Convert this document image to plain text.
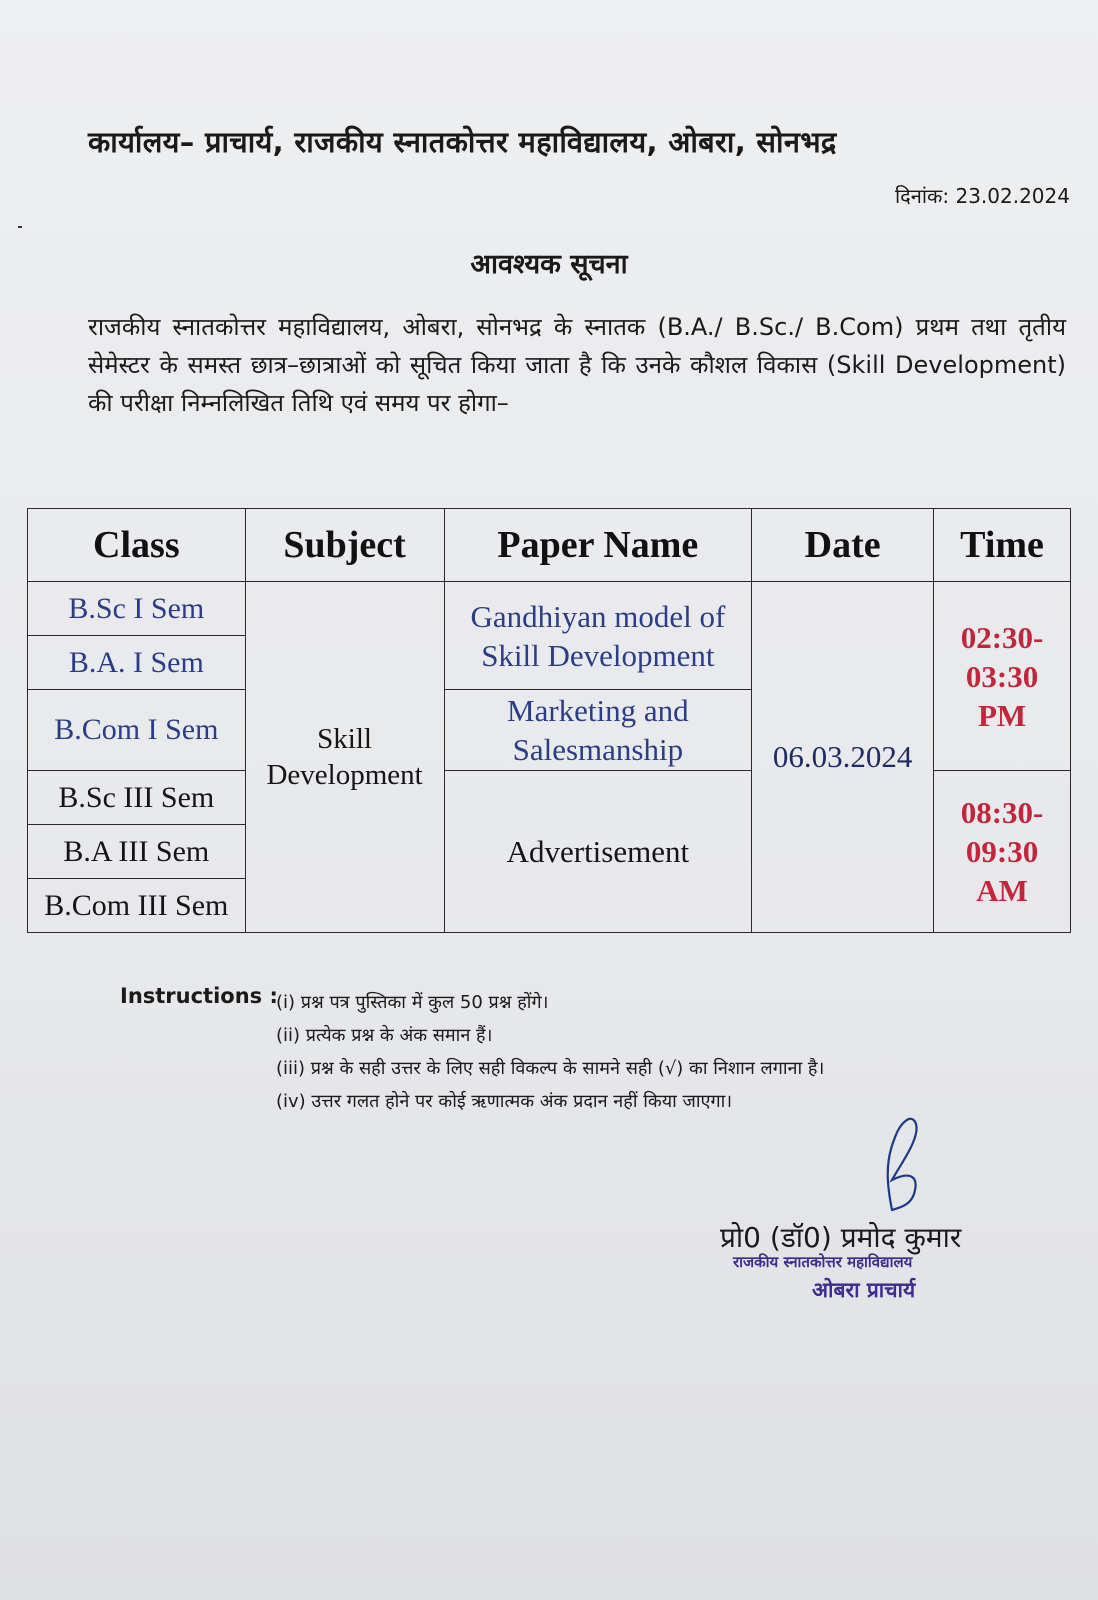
कार्यालय– प्राचार्य, राजकीय स्नातकोत्तर महाविद्यालय, ओबरा, सोनभद्र
दिनांक: 23.02.2024
आवश्यक सूचना
राजकीय स्नातकोत्तर महाविद्यालय, ओबरा, सोनभद्र के स्नातक (B.A./ B.Sc./ B.Com) प्रथम तथा तृतीय सेमेस्टर के समस्त छात्र–छात्राओं को सूचित किया जाता है कि उनके कौशल विकास (Skill Development) की परीक्षा निम्नलिखित तिथि एवं समय पर होगा–
Class	Subject	Paper Name	Date	Time
B.Sc I Sem	Skill Development	Gandhiyan model of Skill Development	06.03.2024	02:30- 03:30 PM
B.A. I Sem				
B.Com I Sem		Marketing and Salesmanship		
B.Sc III Sem		Advertisement		08:30- 09:30 AM
B.A III Sem				
B.Com III Sem				
Instructions :
(i) प्रश्न पत्र पुस्तिका में कुल 50 प्रश्न होंगे।
(ii) प्रत्येक प्रश्न के अंक समान हैं।
(iii) प्रश्न के सही उत्तर के लिए सही विकल्प के सामने सही (√) का निशान लगाना है।
(iv) उत्तर गलत होने पर कोई ऋणात्मक अंक प्रदान नहीं किया जाएगा।
प्रो0 (डॉ0) प्रमोद कुमार
राजकीय स्नातकोत्तर महाविद्यालय
ओबरा प्राचार्य
